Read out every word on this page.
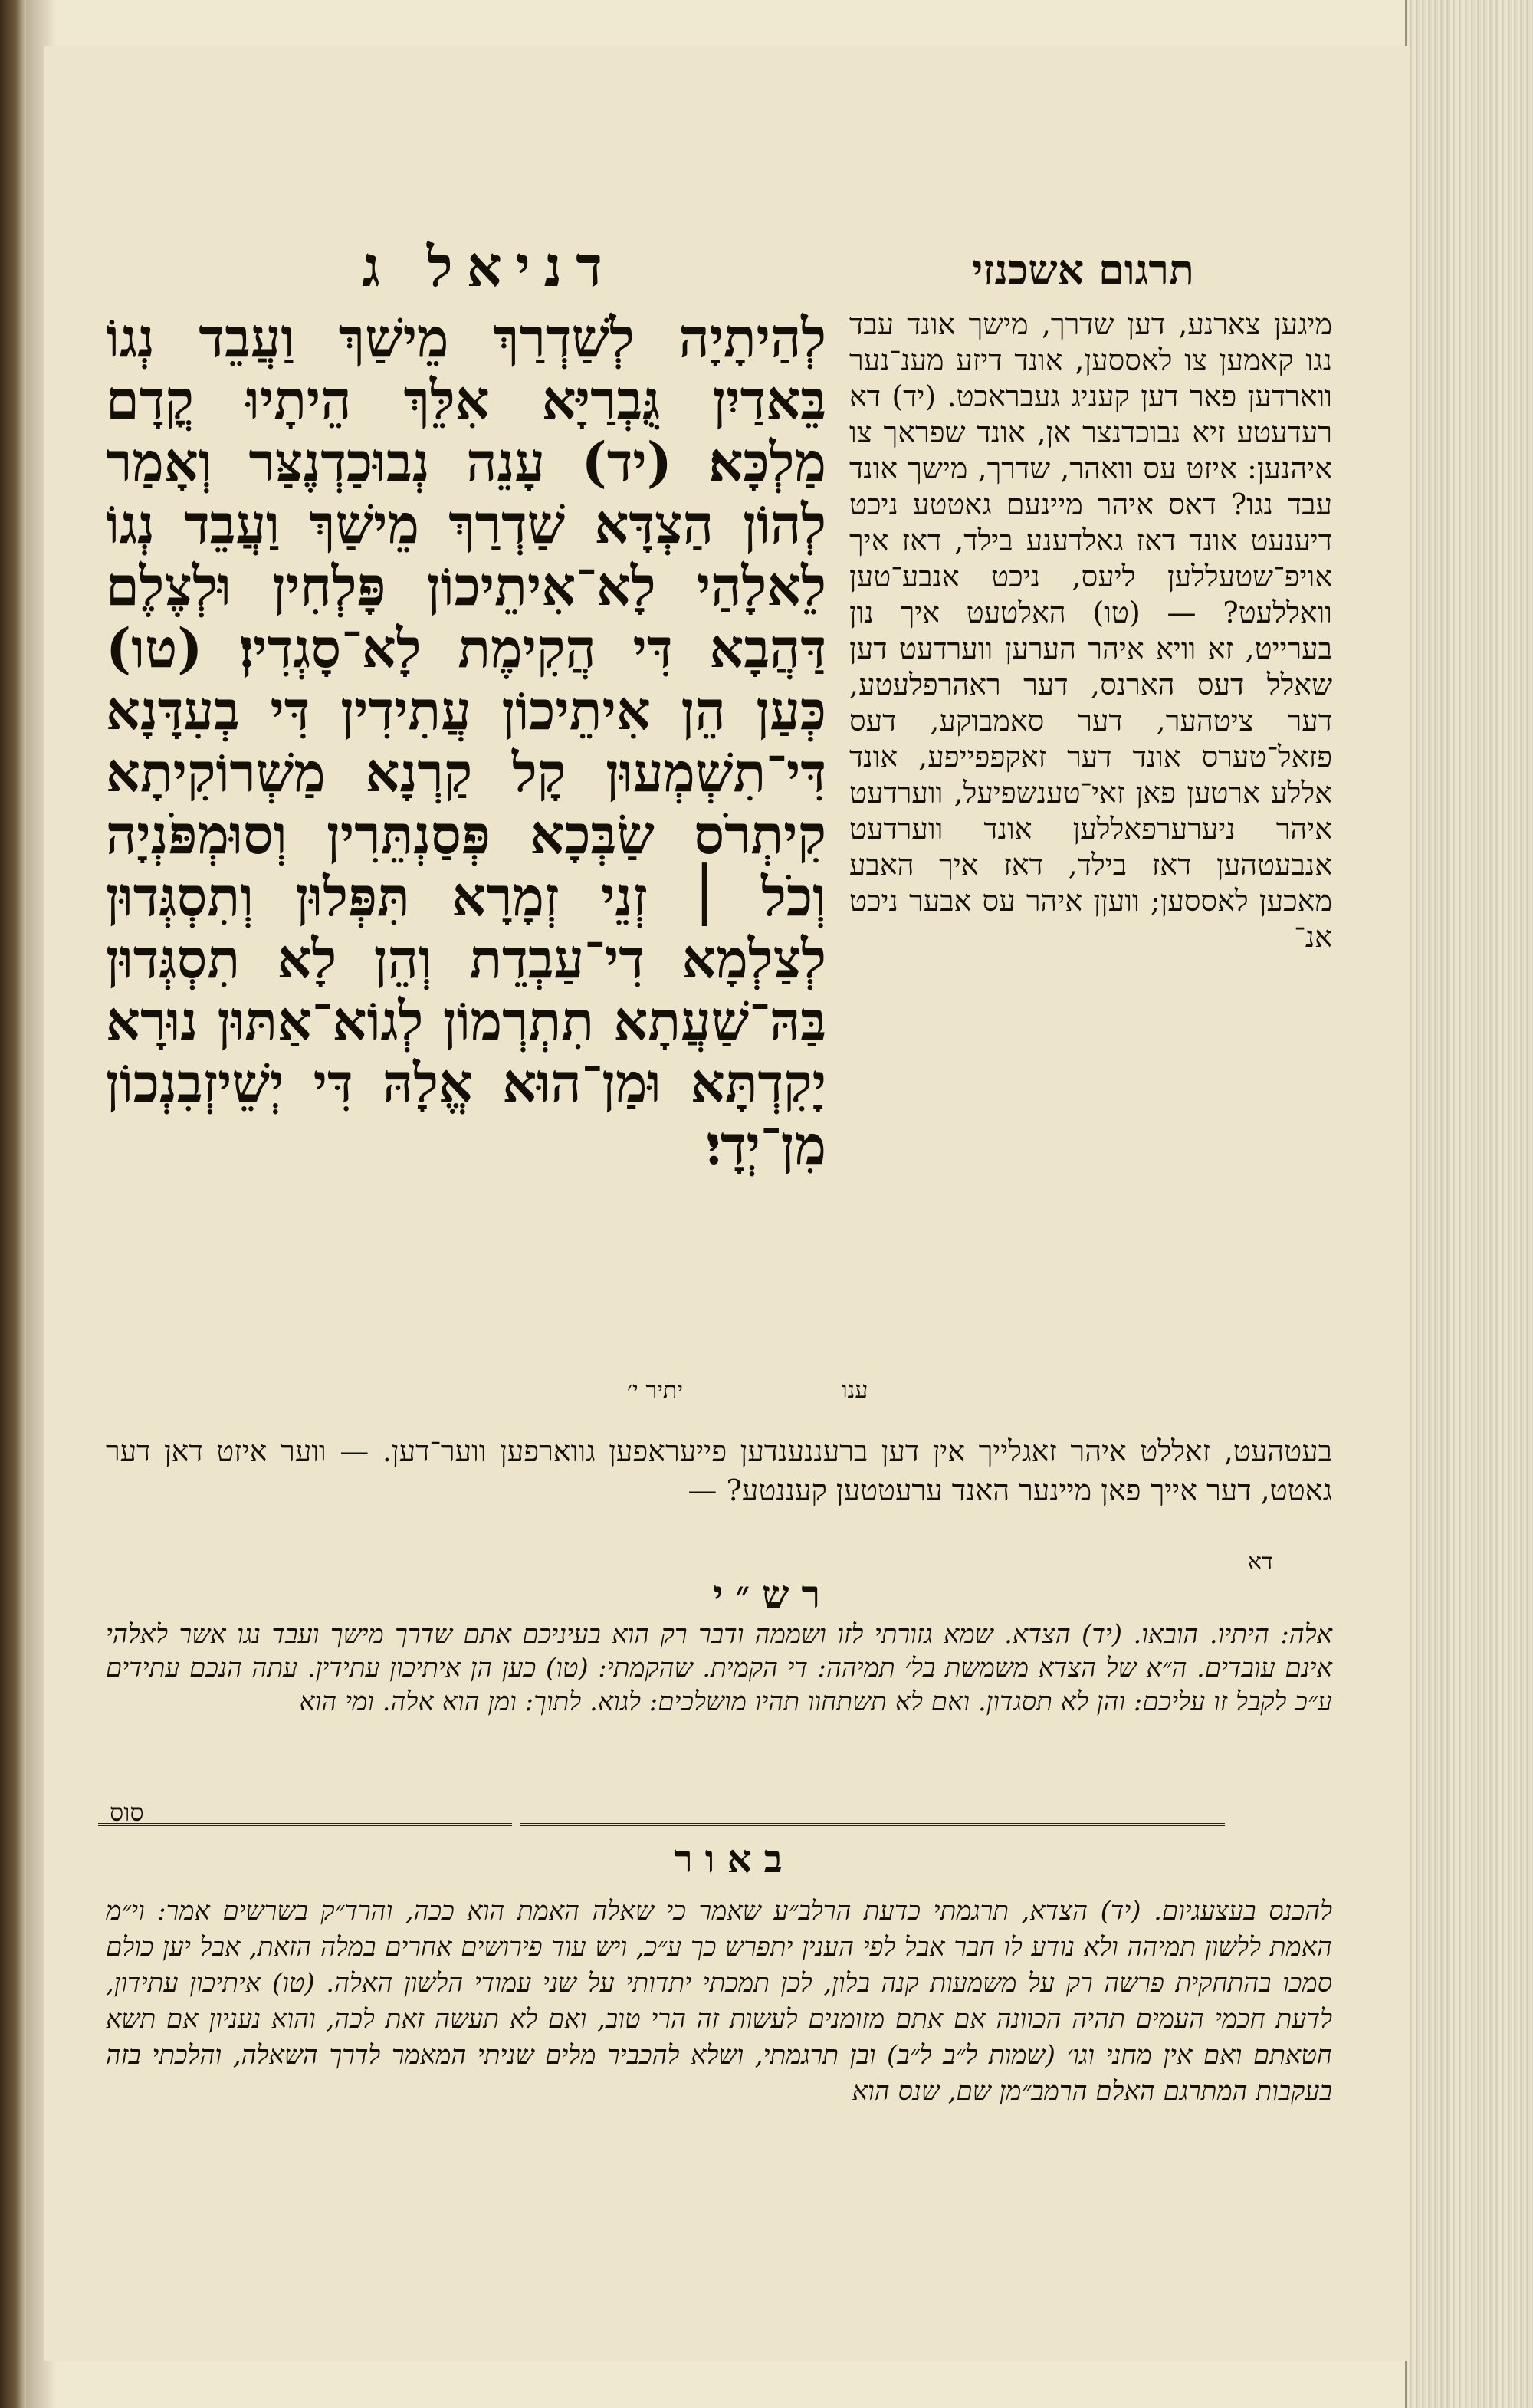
דניאל ג	תרגום אשכנזי
לְהַיתָיָה לְשַׁדְרַךְ מֵישַׁךְ וַעֲבֵד נְגוֹ בֵּאדַיִן גֻּבְרַיָּא אִלֵּךְ הֵיתָיוּ קֳדָם מַלְכָּא׃ (יד) עָנֵה נְבוּכַדְנֶצַּר וְאָמַר לְהוֹן הַצְדָּא שַׁדְרַךְ מֵישַׁךְ וַעֲבֵד נְגוֹ לֵאלָהַי לָא־אִיתֵיכוֹן פָּלְחִין וּלְצֶלֶם דַּהֲבָא דִּי הֲקִימֶת לָא־סָגְדִין׃ (טו) כְּעַן הֵן אִיתֵיכוֹן עֲתִידִין דִּי בְעִדָּנָא דִּי־תִשְׁמְעוּן קָל קַרְנָא מַשְׁרוֹקִיתָא קִיתְרֹס שַׂבְּכָא פְּסַנְתֵּרִין וְסוּמְפֹּנְיָה וְכֹל ׀ זְנֵי זְמָרָא תִּפְּלוּן וְתִסְגְּדוּן לְצַלְמָא דִי־עַבְדֵת וְהֵן לָא תִסְגְּדוּן בַּהּ־שַׁעֲתָא תִתְרְמוֹן לְגוֹא־אַתּוּן נוּרָא יָקִדְתָּא וּמַן־הוּא אֱלָהּ דִּי יְשֵׁיזְבִנְכוֹן מִן־יְדָי׃
מיגען צארנע, דען שדרך, מישך אונד עבד נגו קאמען צו לאססען, אונד דיזע מענ־נער ווארדען פאר דען קעניג געבראכט. (יד) דא רעדעטע זיא נבוכדנצר אן, אונד שפראך צו איהנען: איזט עס וואהר, שדרך, מישך אונד עבד נגו? דאס איהר מיינעם גאטטע ניכט דיענעט אונד דאז גאלדענע בילד, דאז איך אויפ־שטעללען ליעס, ניכט אנבע־טען וואללעט? — (טו) האלטעט איך נון בערייט, זא וויא איהר הערען ווערדעט דען שאלל דעס הארנס, דער ראהרפלעטע, דער ציטהער, דער סאמבוקע, דעס פזאל־טערס אונד דער זאקפפייפע, אונד אללע ארטען פאן זאי־טענשפיעל, ווערדעט איהר ניערערפאללען אונד ווערדעט אנבעטהען דאז בילד, דאז איך האבע מאכען לאססען; וועןן איהר עס אבער ניכט אנ־
יתיר י׳	ענו
בעטהעט, זאללט איהר זאגלייך אין דען ברעננענדען פייעראפען גווארפען ווער־דען. — ווער איזט דאן דער גאטט, דער אייך פאן מיינער האנד ערעטטען קעננטע? —
דא
רש״י
אלה: היתיו. הובאו. (יד) הצדא. שמא גזורתי לזו ושממה ודבר רק הוא בעיניכם אתם שדרך מישך ועבד נגו אשר לאלהי אינם עובדים. ה״א של הצדא משמשת בל׳ תמיהה: די הקמית. שהקמתי: (טו) כען הן איתיכון עתידין. עתה הנכם עתידים ע״כ לקבל זו עליכם: והן לא תסגדון. ואם לא תשתחוו תהיו מושלכים: לגוא. לתוך: ומן הוא אלה. ומי הוא
סוס
באור
להכנס בעצעגיום. (יד) הצדא, תרגמתי כדעת הרלב״ע שאמר כי שאלה האמת הוא ככה, והרד״ק בשרשים אמר: וי״מ האמת ללשון תמיהה ולא נודע לו חבר אבל לפי הענין יתפרש כך ע״כ, ויש עוד פירושים אחרים במלה הזאת, אבל יען כולם סמכו בהתחקית פרשה רק על משמעות קנה בלון, לכן תמכתי יתדותי על שני עמודי הלשון האלה. (טו) איתיכון עתידון, לדעת חכמי העמים תהיה הכוונה אם אתם מזומנים לעשות זה הרי טוב, ואם לא תעשה זאת לכה, והוא נעניון אם תשא חטאתם ואם אין מחני וגו׳ (שמות ל״ב ל״ב) ובן תרגמתי, ושלא להכביר מלים שניתי המאמר לדרך השאלה, והלכתי בזה בעקבות המתרגם האלם הרמב״מן שם, שנס הוא
